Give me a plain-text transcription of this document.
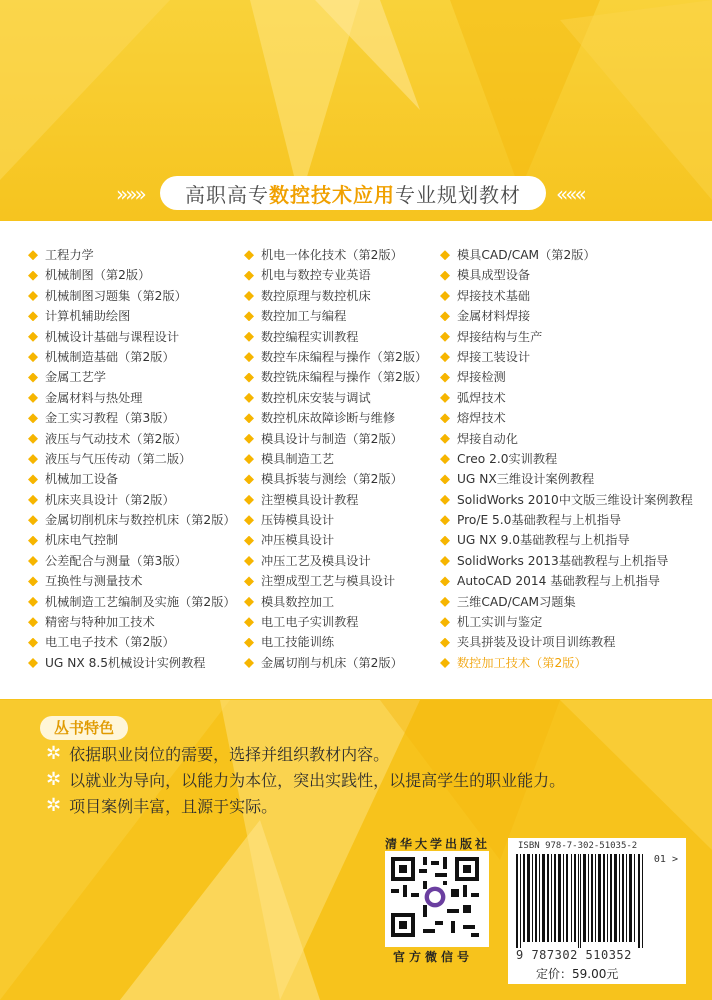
»»» 高职高专 数控技术应用 专业规划教材 «««
工程力学
机械制图（第2版）
机械制图习题集（第2版）
计算机辅助绘图
机械设计基础与课程设计
机械制造基础（第2版）
金属工艺学
金属材料与热处理
金工实习教程（第3版）
液压与气动技术（第2版）
液压与气压传动（第二版）
机械加工设备
机床夹具设计（第2版）
金属切削机床与数控机床（第2版）
机床电气控制
公差配合与测量（第3版）
互换性与测量技术
机械制造工艺编制及实施（第2版）
精密与特种加工技术
电工电子技术（第2版）
UG NX 8.5机械设计实例教程
机电一体化技术（第2版）
机电与数控专业英语
数控原理与数控机床
数控加工与编程
数控编程实训教程
数控车床编程与操作（第2版）
数控铣床编程与操作（第2版）
数控机床安装与调试
数控机床故障诊断与维修
模具设计与制造（第2版）
模具制造工艺
模具拆装与测绘（第2版）
注塑模具设计教程
压铸模具设计
冲压模具设计
冲压工艺及模具设计
注塑成型工艺与模具设计
模具数控加工
电工电子实训教程
电工技能训练
金属切削与机床（第2版）
模具CAD/CAM（第2版）
模具成型设备
焊接技术基础
金属材料焊接
焊接结构与生产
焊接工装设计
焊接检测
弧焊技术
熔焊技术
焊接自动化
Creo 2.0实训教程
UG NX三维设计案例教程
SolidWorks 2010中文版三维设计案例教程
Pro/E 5.0基础教程与上机指导
UG NX 9.0基础教程与上机指导
SolidWorks 2013基础教程与上机指导
AutoCAD 2014 基础教程与上机指导
三维CAD/CAM习题集
机工实训与鉴定
夹具拼装及设计项目训练教程
数控加工技术（第2版）
丛书特色
✲ 依据职业岗位的需要，选择并组织教材内容。
✲ 以就业为导向，以能力为本位，突出实践性，以提高学生的职业能力。
✲ 项目案例丰富，且源于实际。
清华大学出版社
官方微信号
ISBN 978-7-302-51035-2
01 >
9 787302 510352
定价：59.00元
